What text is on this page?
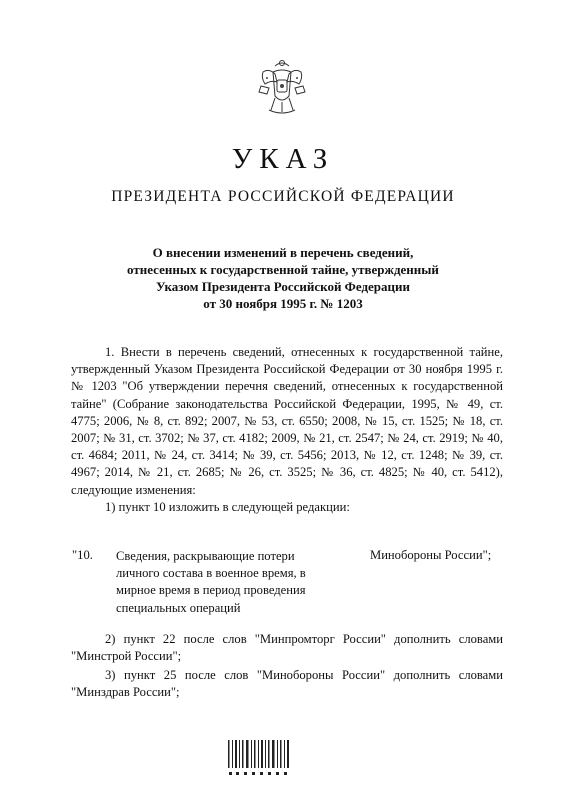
УКАЗ
ПРЕЗИДЕНТА РОССИЙСКОЙ ФЕДЕРАЦИИ
О внесении изменений в перечень сведений,
отнесенных к государственной тайне, утвержденный
Указом Президента Российской Федерации
от 30 ноября 1995 г. № 1203

1. Внести в перечень сведений, отнесенных к государственной тайне, утвержденный Указом Президента Российской Федерации от 30 ноября 1995 г. № 1203 "Об утверждении перечня сведений, отнесенных к государственной тайне" (Собрание законодательства Российской Федерации, 1995, № 49, ст. 4775; 2006, № 8, ст. 892; 2007, № 53, ст. 6550; 2008, № 15, ст. 1525; № 18, ст. 2007; № 31, ст. 3702; № 37, ст. 4182; 2009, № 21, ст. 2547; № 24, ст. 2919; № 40, ст. 4684; 2011, № 24, ст. 3414; № 39, ст. 5456; 2013, № 12, ст. 1248; № 39, ст. 4967; 2014, № 21, ст. 2685; № 26, ст. 3525; № 36, ст. 4825; № 40, ст. 5412), следующие изменения:

1) пункт 10 изложить в следующей редакции:

"10. Сведения, раскрывающие потери личного состава в военное время, в мирное время в период проведения специальных операций
Минобороны России";

2) пункт 22 после слов "Минпромторг России" дополнить словами "Минстрой России";

3) пункт 25 после слов "Минобороны России" дополнить словами "Минздрав России";
